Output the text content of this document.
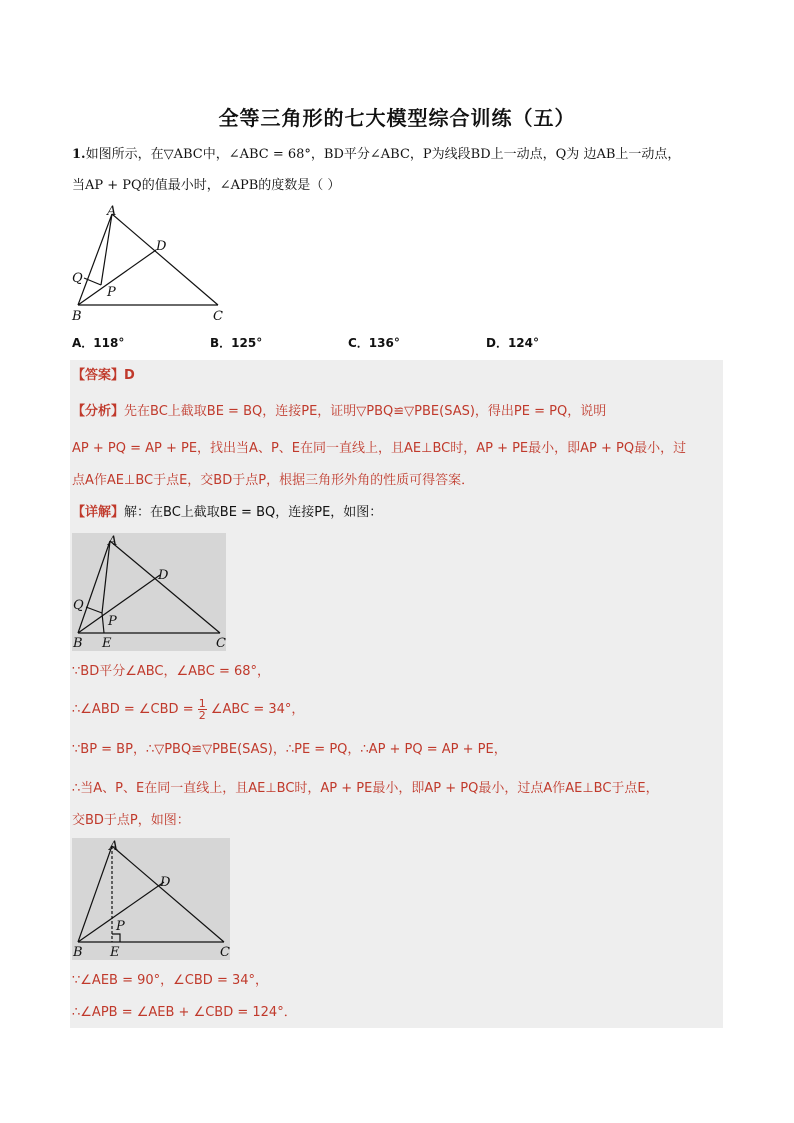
全等三角形的七大模型综合训练（五）
1.如图所示，在▽ABC中，∠ABC = 68°，BD平分∠ABC，P为线段BD上一动点，Q为 边AB上一动点，
当AP + PQ的值最小时，∠APB的度数是（ ）
A
D
Q
P
B	C
A．118°	B．125°	C．136°	D．124°
【答案】D
【分析】先在BC上截取BE = BQ，连接PE，证明▽PBQ≌▽PBE(SAS)，得出PE = PQ，说明
AP + PQ = AP + PE，找出当A、P、E在同一直线上，且AE⊥BC时，AP + PE最小，即AP + PQ最小，过
点A作AE⊥BC于点E，交BD于点P，根据三角形外角的性质可得答案．
【详解】解：在BC上截取BE = BQ，连接PE，如图：
A
D
Q
P
B E	C
∵BD平分∠ABC，∠ABC = 68°，
∴∠ABD = ∠CBD = $\frac{1}{2}$ ∠ABC = 34°，
∵BP = BP，∴▽PBQ≌▽PBE(SAS)，∴PE = PQ，∴AP + PQ = AP + PE，
∴当A、P、E在同一直线上，且AE⊥BC时，AP + PE最小，即AP + PQ最小，过点A作AE⊥BC于点E，
交BD于点P，如图：
A
D
P
B E	C
∵∠AEB = 90°，∠CBD = 34°，
∴∠APB = ∠AEB + ∠CBD = 124°．
